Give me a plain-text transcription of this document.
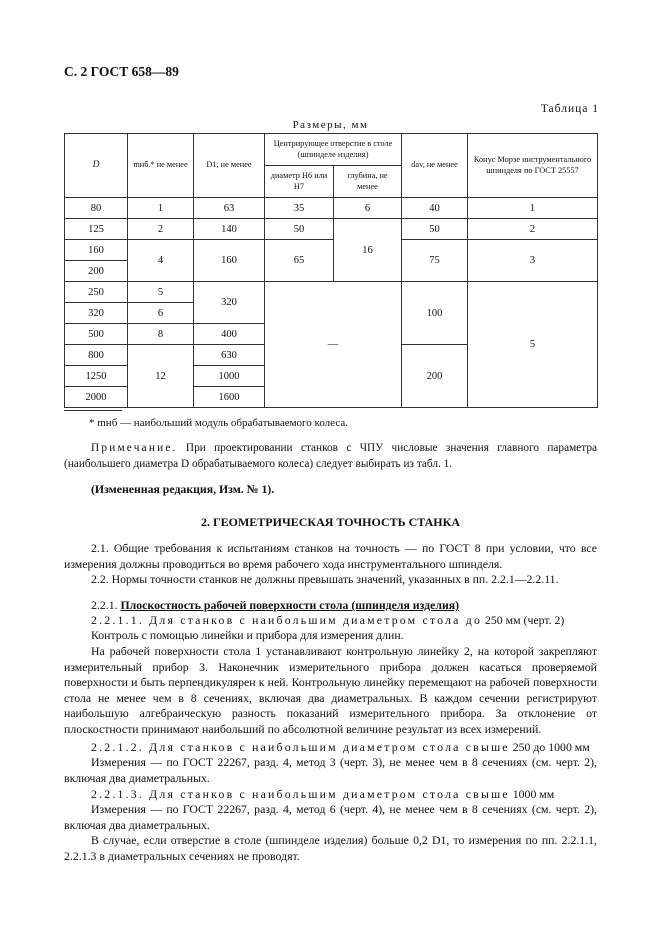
С. 2 ГОСТ 658—89
Таблица 1
Размеры, мм
D	mнб.* не менее	D1, не менее	Центрирующее отверстие в столе (шпинделе изделия)		dav, не менее	Конус Морзе инструментального шпинделя по ГОСТ 25557
			диаметр H6 или H7	глубина, не менее		
80	1	63	35	6	40	1
125	2	140	50	16	50	2
160	4	160	65		75	3
200						
250	5	320	—		100	5
320	6					
500	8	400				
800	12	630			200	
1250		1000				
2000		1600				
* mнб — наибольший модуль обрабатываемого колеса.
Примечание. При проектировании станков с ЧПУ числовые значения главного параметра (наибольшего диаметра D обрабатываемого колеса) следует выбирать из табл. 1.
(Измененная редакция, Изм. № 1).
2. ГЕОМЕТРИЧЕСКАЯ ТОЧНОСТЬ СТАНКА
2.1. Общие требования к испытаниям станков на точность — по ГОСТ 8 при условии, что все измерения должны проводиться во время рабочего хода инструментального шпинделя.
2.2. Нормы точности станков не должны превышать значений, указанных в пп. 2.2.1—2.2.11.
2.2.1. Плоскостность рабочей поверхности стола (шпинделя изделия)
2.2.1.1. Для станков с наибольшим диаметром стола до 250 мм (черт. 2)
Контроль с помощью линейки и прибора для измерения длин.
На рабочей поверхности стола 1 устанавливают контрольную линейку 2, на которой закрепляют измерительный прибор 3. Наконечник измерительного прибора должен касаться проверяемой поверхности и быть перпендикулярен к ней. Контрольную линейку перемещают на рабочей поверхности стола не менее чем в 8 сечениях, включая два диаметральных. В каждом сечении регистрируют наибольшую алгебраическую разность показаний измерительного прибора. За отклонение от плоскостности принимают наибольший по абсолютной величине результат из всех измерений.
2.2.1.2. Для станков с наибольшим диаметром стола свыше 250 до 1000 мм
Измерения — по ГОСТ 22267, разд. 4, метод 3 (черт. 3), не менее чем в 8 сечениях (см. черт. 2), включая два диаметральных.
2.2.1.3. Для станков с наибольшим диаметром стола свыше 1000 мм
Измерения — по ГОСТ 22267, разд. 4, метод 6 (черт. 4), не менее чем в 8 сечениях (см. черт. 2), включая два диаметральных.
В случае, если отверстие в столе (шпинделе изделия) больше 0,2 D1, то измерения по пп. 2.2.1.1, 2.2.1.3 в диаметральных сечениях не проводят.
